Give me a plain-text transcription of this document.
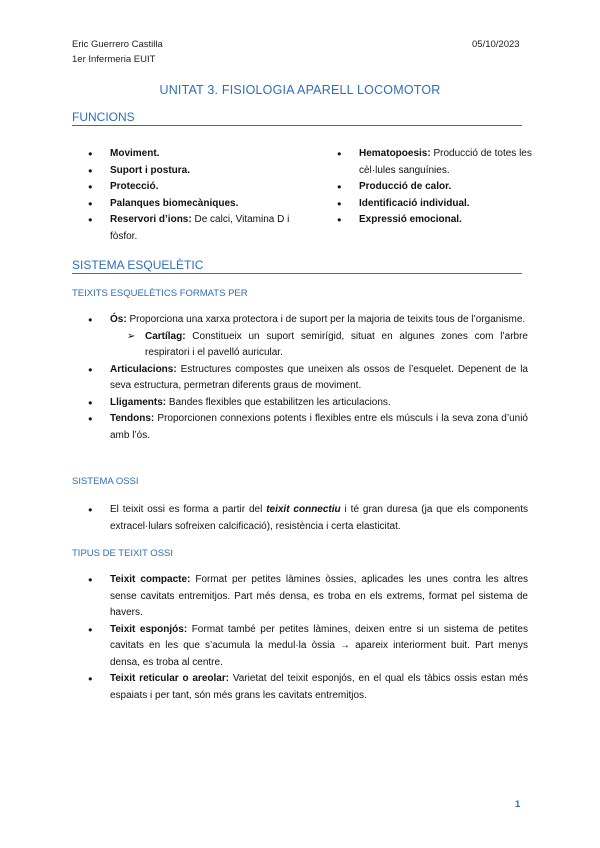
Eric Guerrero Castilla
1er Infermeria EUIT
05/10/2023
UNITAT 3. FISIOLOGIA APARELL LOCOMOTOR
FUNCIONS
● Moviment.
● Suport i postura.
● Protecció.
● Palanques biomecàniques.
● Reservori d’ions: De calci, Vitamina D i fòsfor.
● Hematopoesis: Producció de totes les cèl·lules sanguínies.
● Producció de calor.
● Identificació individual.
● Expressió emocional.
SISTEMA ESQUELÈTIC
TEIXITS ESQUELÈTICS FORMATS PER
● Ós: Proporciona una xarxa protectora i de suport per la majoria de teixits tous de l’organisme.
➢ Cartílag: Constitueix un suport semirígid, situat en algunes zones com l’arbre respiratori i el pavelló auricular.
● Articulacions: Estructures compostes que uneixen als ossos de l’esquelet. Depenent de la seva estructura, permetran diferents graus de moviment.
● Lligaments: Bandes flexibles que estabilitzen les articulacions.
● Tendons: Proporcionen connexions potents i flexibles entre els músculs i la seva zona d’unió amb l’ós.
SISTEMA OSSI
● El teixit ossi es forma a partir del teixit connectiu i té gran duresa (ja que els components extracel·lulars sofreixen calcificació), resistència i certa elasticitat.
TIPUS DE TEIXIT OSSI
● Teixit compacte: Format per petites làmines òssies, aplicades les unes contra les altres sense cavitats entremitjos. Part més densa, es troba en els extrems, format pel sistema de havers.
● Teixit esponjós: Format també per petites làmines, deixen entre si un sistema de petites cavitats en les que s’acumula la medul·la òssia → apareix interiorment buit. Part menys densa, es troba al centre.
● Teixit reticular o areolar: Varietat del teixit esponjós, en el qual els tàbics ossis estan més espaiats i per tant, són més grans les cavitats entremitjos.
1
